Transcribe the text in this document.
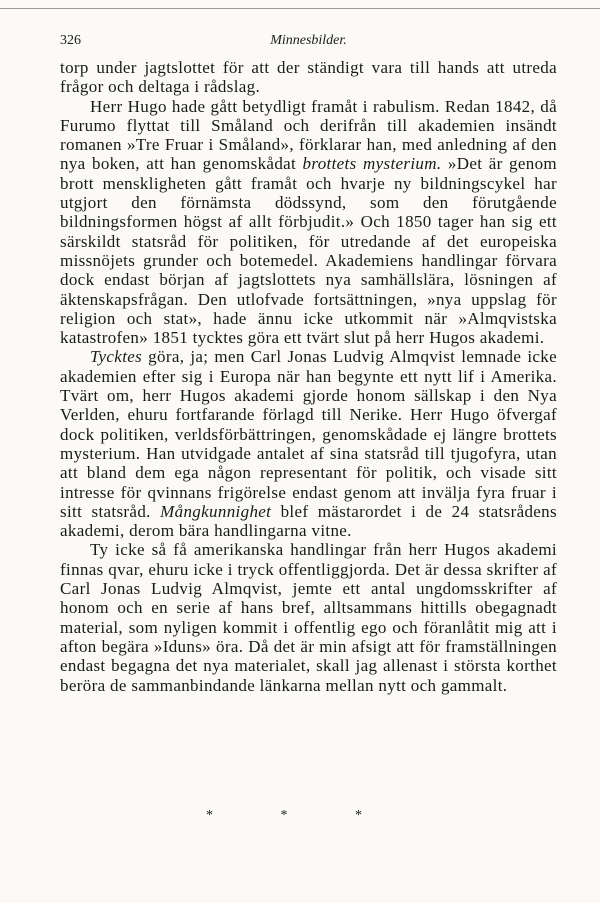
326	Minnesbilder.

torp under jagtslottet för att der ständigt vara till hands att utreda frågor och deltaga i rådslag.

Herr Hugo hade gått betydligt framåt i rabulism. Redan 1842, då Furumo flyttat till Småland och derifrån till akademien insändt romanen »Tre Fruar i Småland», förklarar han, med anledning af den nya boken, att han genomskådat brottets mysterium. »Det är genom brott menskligheten gått framåt och hvarje ny bildningscykel har utgjort den förnämsta dödssynd, som den förutgående bildningsformen högst af allt förbjudit.» Och 1850 tager han sig ett särskildt statsråd för politiken, för utredande af det europeiska missnöjets grunder och botemedel. Akademiens handlingar förvara dock endast början af jagtslottets nya samhällslära, lösningen af äktenskapsfrågan. Den utlofvade fortsättningen, »nya uppslag för religion och stat», hade ännu icke utkommit när »Almqvistska katastrofen» 1851 tycktes göra ett tvärt slut på herr Hugos akademi.

Tycktes göra, ja; men Carl Jonas Ludvig Almqvist lemnade icke akademien efter sig i Europa när han begynte ett nytt lif i Amerika. Tvärt om, herr Hugos akademi gjorde honom sällskap i den Nya Verlden, ehuru fortfarande förlagd till Nerike. Herr Hugo öfvergaf dock politiken, verldsförbättringen, genomskådade ej längre brottets mysterium. Han utvidgade antalet af sina statsråd till tjugofyra, utan att bland dem ega någon representant för politik, och visade sitt intresse för qvinnans frigörelse endast genom att invälja fyra fruar i sitt statsråd. Mångkunnighet blef mästarordet i de 24 statsrådens akademi, derom bära handlingarna vitne.

Ty icke så få amerikanska handlingar från herr Hugos akademi finnas qvar, ehuru icke i tryck offentliggjorda. Det är dessa skrifter af Carl Jonas Ludvig Almqvist, jemte ett antal ungdomsskrifter af honom och en serie af hans bref, alltsammans hittills obegagnadt material, som nyligen kommit i offentlig ego och föranlåtit mig att i afton begära »Iduns» öra. Då det är min afsigt att för framställningen endast begagna det nya materialet, skall jag allenast i största korthet beröra de sammanbindande länkarna mellan nytt och gammalt.

* * *
